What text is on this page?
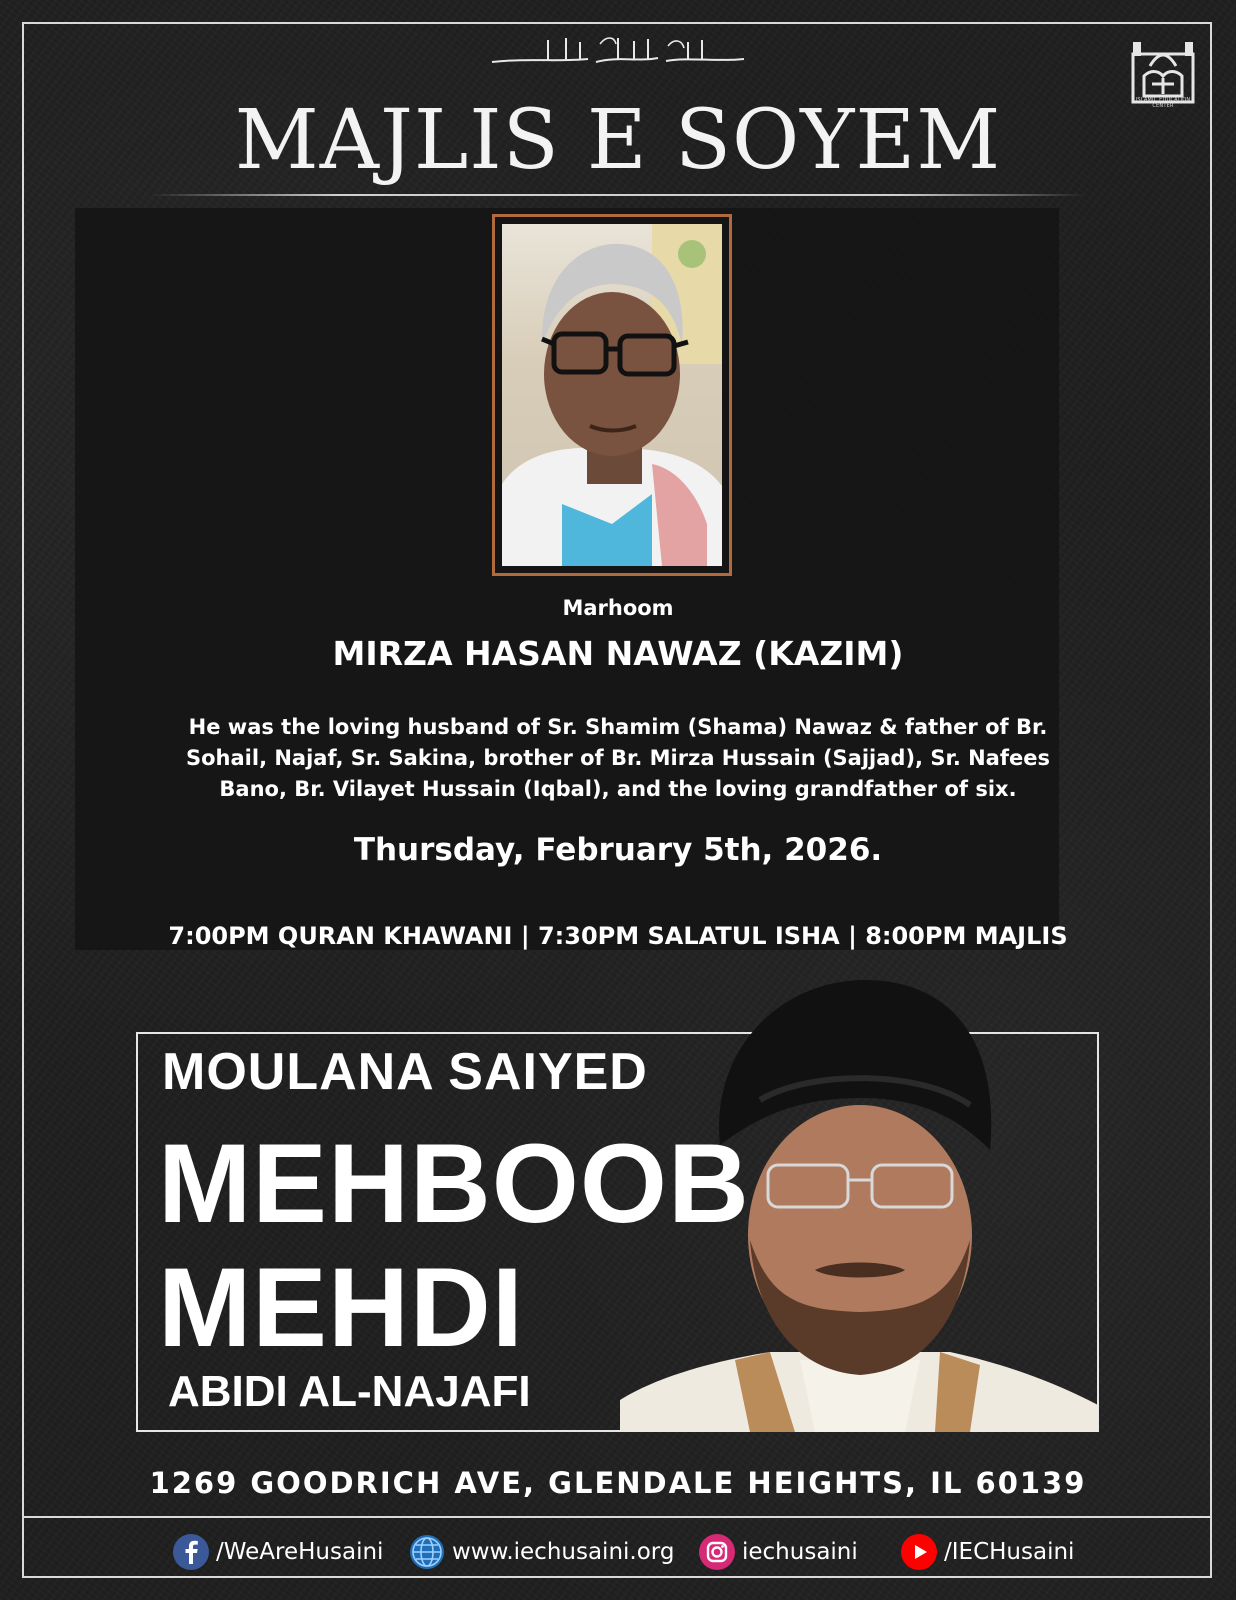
ISLAMIC EDUCATION CENTER
MAJLIS E SOYEM
Marhoom
MIRZA HASAN NAWAZ (KAZIM)
He was the loving husband of Sr. Shamim (Shama) Nawaz & father of Br. Sohail, Najaf, Sr. Sakina, brother of Br. Mirza Hussain (Sajjad), Sr. Nafees Bano, Br. Vilayet Hussain (Iqbal), and the loving grandfather of six.
Thursday, February 5th, 2026.
7:00PM QURAN KHAWANI | 7:30PM SALATUL ISHA | 8:00PM MAJLIS
MOULANA SAIYED
MEHBOOB
MEHDI
ABIDI AL-NAJAFI
1269 GOODRICH AVE, GLENDALE HEIGHTS, IL 60139
/WeAreHusaini	www.iechusaini.org	iechusaini	/IECHusaini
